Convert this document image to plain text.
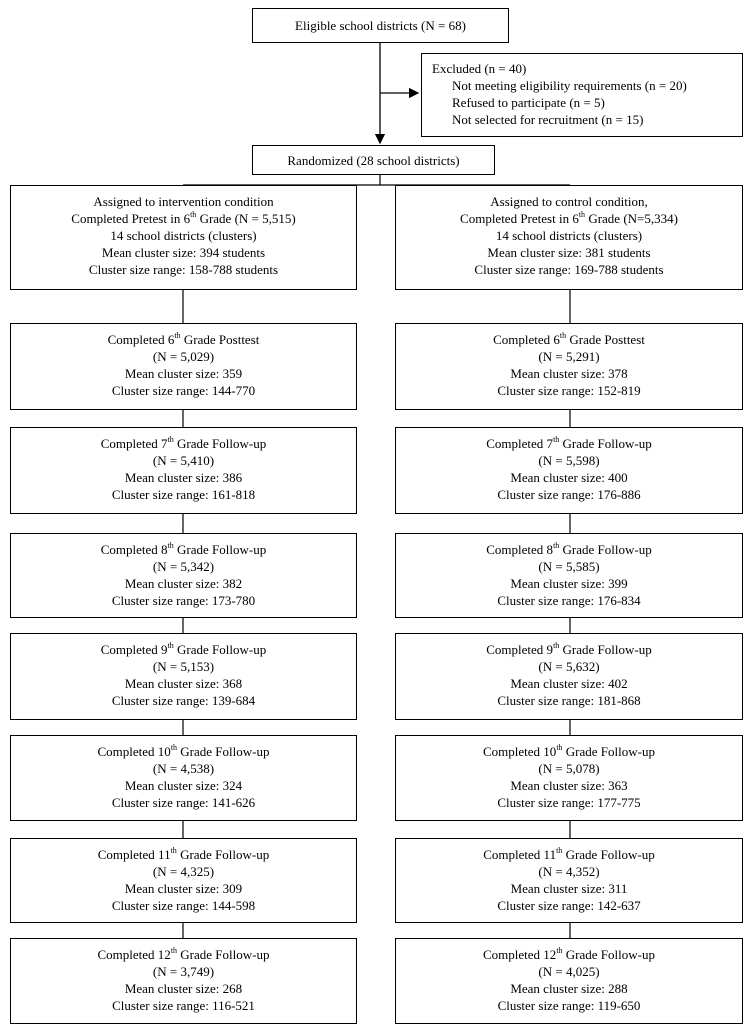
Eligible school districts (N = 68)
Excluded (n = 40)
Not meeting eligibility requirements (n = 20)
Refused to participate (n = 5)
Not selected for recruitment (n = 15)
Randomized (28 school districts)
Assigned to intervention condition
Completed Pretest in 6th Grade (N = 5,515)
14 school districts (clusters)
Mean cluster size: 394 students
Cluster size range: 158-788 students
Assigned to control condition,
Completed Pretest in 6th Grade (N=5,334)
14 school districts (clusters)
Mean cluster size: 381 students
Cluster size range: 169-788 students
Completed 6th Grade Posttest
(N = 5,029)
Mean cluster size: 359
Cluster size range: 144-770
Completed 7th Grade Follow-up
(N = 5,410)
Mean cluster size: 386
Cluster size range: 161-818
Completed 8th Grade Follow-up
(N = 5,342)
Mean cluster size: 382
Cluster size range: 173-780
Completed 9th Grade Follow-up
(N = 5,153)
Mean cluster size: 368
Cluster size range: 139-684
Completed 10th Grade Follow-up
(N = 4,538)
Mean cluster size: 324
Cluster size range: 141-626
Completed 11th Grade Follow-up
(N = 4,325)
Mean cluster size: 309
Cluster size range: 144-598
Completed 12th Grade Follow-up
(N = 3,749)
Mean cluster size: 268
Cluster size range: 116-521
Completed 6th Grade Posttest
(N = 5,291)
Mean cluster size: 378
Cluster size range: 152-819
Completed 7th Grade Follow-up
(N = 5,598)
Mean cluster size: 400
Cluster size range: 176-886
Completed 8th Grade Follow-up
(N = 5,585)
Mean cluster size: 399
Cluster size range: 176-834
Completed 9th Grade Follow-up
(N = 5,632)
Mean cluster size: 402
Cluster size range: 181-868
Completed 10th Grade Follow-up
(N = 5,078)
Mean cluster size: 363
Cluster size range: 177-775
Completed 11th Grade Follow-up
(N = 4,352)
Mean cluster size: 311
Cluster size range: 142-637
Completed 12th Grade Follow-up
(N = 4,025)
Mean cluster size: 288
Cluster size range: 119-650
